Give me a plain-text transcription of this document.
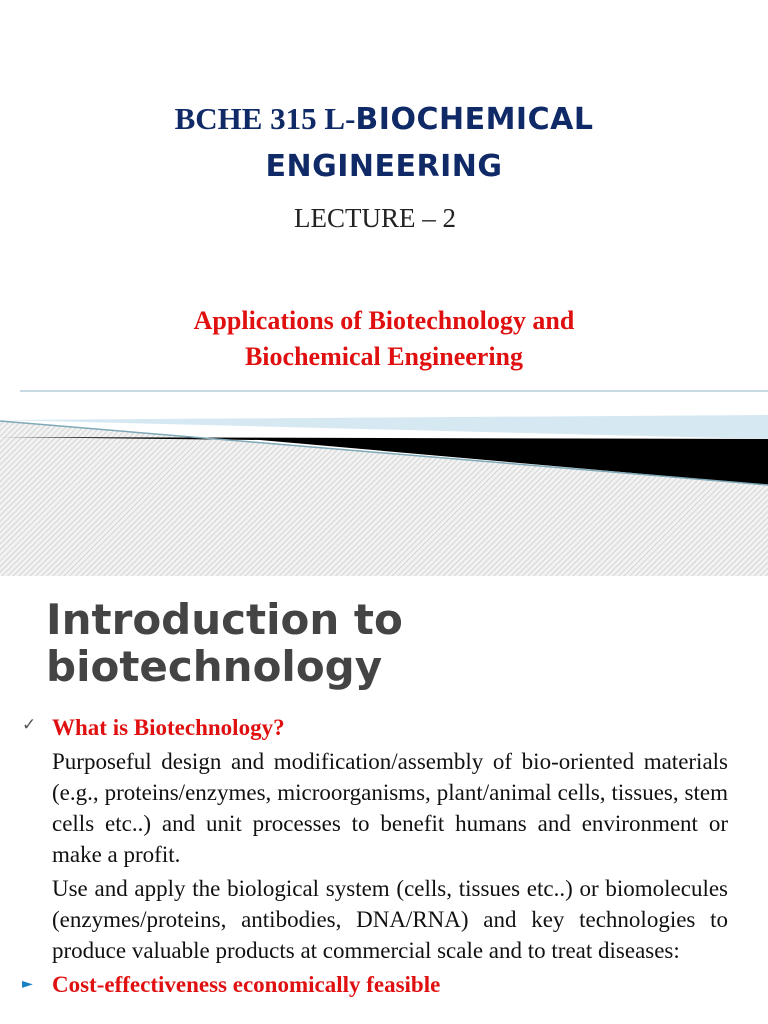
BCHE 315 L-BIOCHEMICAL
ENGINEERING
LECTURE – 2
Applications of Biotechnology and
Biochemical Engineering
Introduction to
biotechnology
✓ What is Biotechnology?
Purposeful design and modification/assembly of bio-oriented materials (e.g., proteins/enzymes, microorganisms, plant/animal cells, tissues, stem cells etc..) and unit processes to benefit humans and environment or make a profit.
Use and apply the biological system (cells, tissues etc..) or biomolecules (enzymes/proteins, antibodies, DNA/RNA) and key technologies to produce valuable products at commercial scale and to treat diseases:
► Cost-effectiveness economically feasible
